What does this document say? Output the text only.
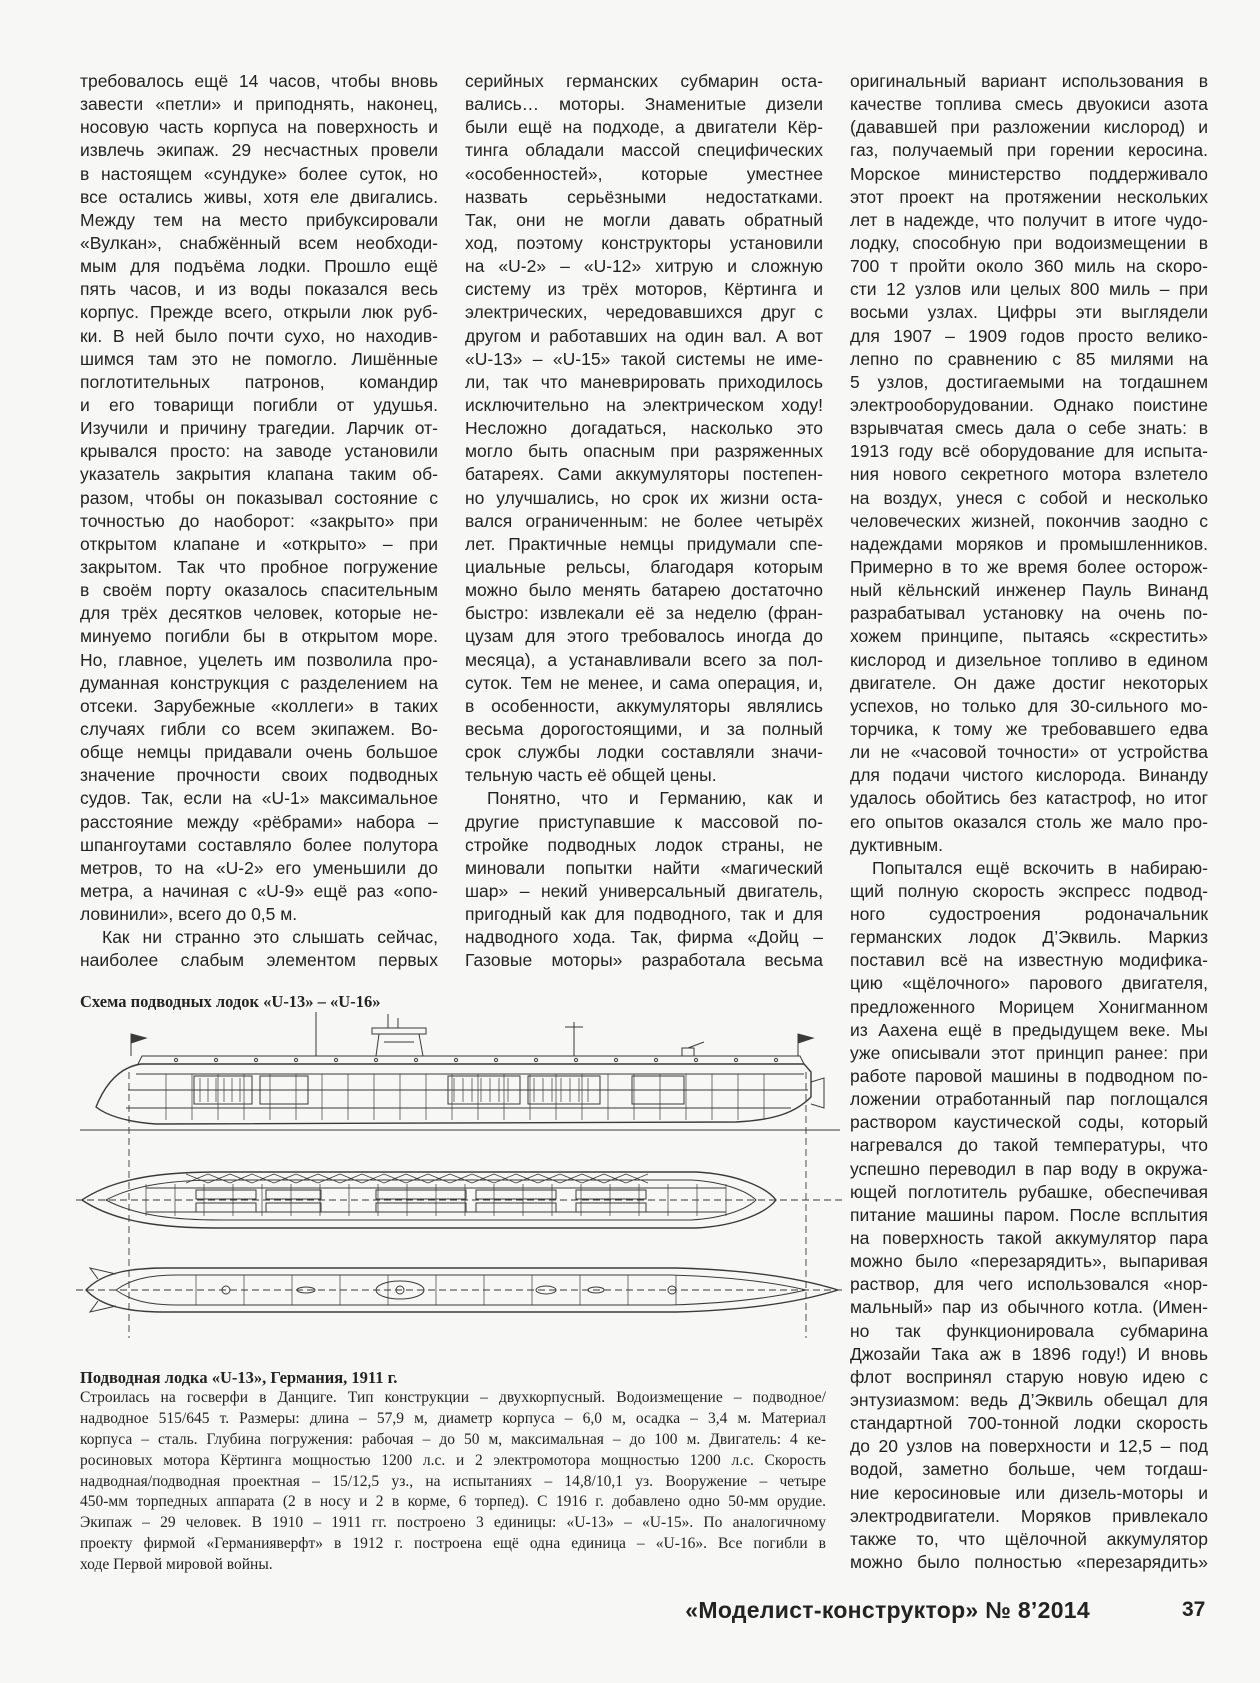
требовалось ещё 14 часов, чтобы вновь
завести «петли» и приподнять, наконец,
носовую часть корпуса на поверхность и
извлечь экипаж. 29 несчастных провели
в настоящем «сундуке» более суток, но
все остались живы, хотя еле двигались.
Между тем на место прибуксировали
«Вулкан», снабжённый всем необходи-
мым для подъёма лодки. Прошло ещё
пять часов, и из воды показался весь
корпус. Прежде всего, открыли люк руб-
ки. В ней было почти сухо, но находив-
шимся там это не помогло. Лишённые
поглотительных патронов, командир
и его товарищи погибли от удушья.
Изучили и причину трагедии. Ларчик от-
крывался просто: на заводе установили
указатель закрытия клапана таким об-
разом, чтобы он показывал состояние с
точностью до наоборот: «закрыто» при
открытом клапане и «открыто» – при
закрытом. Так что пробное погружение
в своём порту оказалось спасительным
для трёх десятков человек, которые не-
минуемо погибли бы в открытом море.
Но, главное, уцелеть им позволила про-
думанная конструкция с разделением на
отсеки. Зарубежные «коллеги» в таких
случаях гибли со всем экипажем. Во-
обще немцы придавали очень большое
значение прочности своих подводных
судов. Так, если на «U-1» максимальное
расстояние между «рёбрами» набора –
шпангоутами составляло более полутора
метров, то на «U-2» его уменьшили до
метра, а начиная с «U-9» ещё раз «опо-
ловинили», всего до 0,5 м.
Как ни странно это слышать сейчас,
наиболее слабым элементом первых
серийных германских субмарин оста-
вались… моторы. Знаменитые дизели
были ещё на подходе, а двигатели Кёр-
тинга обладали массой специфических
«особенностей», которые уместнее
назвать серьёзными недостатками.
Так, они не могли давать обратный
ход, поэтому конструкторы установили
на «U-2» – «U-12» хитрую и сложную
систему из трёх моторов, Кёртинга и
электрических, чередовавшихся друг с
другом и работавших на один вал. А вот
«U-13» – «U-15» такой системы не име-
ли, так что маневрировать приходилось
исключительно на электрическом ходу!
Несложно догадаться, насколько это
могло быть опасным при разряженных
батареях. Сами аккумуляторы постепен-
но улучшались, но срок их жизни оста-
вался ограниченным: не более четырёх
лет. Практичные немцы придумали спе-
циальные рельсы, благодаря которым
можно было менять батарею достаточно
быстро: извлекали её за неделю (фран-
цузам для этого требовалось иногда до
месяца), а устанавливали всего за пол-
суток. Тем не менее, и сама операция, и,
в особенности, аккумуляторы являлись
весьма дорогостоящими, и за полный
срок службы лодки составляли значи-
тельную часть её общей цены.
Понятно, что и Германию, как и
другие приступавшие к массовой по-
стройке подводных лодок страны, не
миновали попытки найти «магический
шар» – некий универсальный двигатель,
пригодный как для подводного, так и для
надводного хода. Так, фирма «Дойц –
Газовые моторы» разработала весьма
оригинальный вариант использования в
качестве топлива смесь двуокиси азота
(дававшей при разложении кислород) и
газ, получаемый при горении керосина.
Морское министерство поддерживало
этот проект на протяжении нескольких
лет в надежде, что получит в итоге чудо-
лодку, способную при водоизмещении в
700 т пройти около 360 миль на скоро-
сти 12 узлов или целых 800 миль – при
восьми узлах. Цифры эти выглядели
для 1907 – 1909 годов просто велико-
лепно по сравнению с 85 милями на
5 узлов, достигаемыми на тогдашнем
электрооборудовании. Однако поистине
взрывчатая смесь дала о себе знать: в
1913 году всё оборудование для испыта-
ния нового секретного мотора взлетело
на воздух, унеся с собой и несколько
человеческих жизней, покончив заодно с
надеждами моряков и промышленников.
Примерно в то же время более осторож-
ный кёльнский инженер Пауль Винанд
разрабатывал установку на очень по-
хожем принципе, пытаясь «скрестить»
кислород и дизельное топливо в едином
двигателе. Он даже достиг некоторых
успехов, но только для 30-сильного мо-
торчика, к тому же требовавшего едва
ли не «часовой точности» от устройства
для подачи чистого кислорода. Винанду
удалось обойтись без катастроф, но итог
его опытов оказался столь же мало про-
дуктивным.
Попытался ещё вскочить в набираю-
щий полную скорость экспресс подвод-
ного судостроения родоначальник
германских лодок Д’Эквиль. Маркиз
поставил всё на известную модифика-
цию «щёлочного» парового двигателя,
предложенного Морицем Хонигманном
из Аахена ещё в предыдущем веке. Мы
уже описывали этот принцип ранее: при
работе паровой машины в подводном по-
ложении отработанный пар поглощался
раствором каустической соды, который
нагревался до такой температуры, что
успешно переводил в пар воду в окружа-
ющей поглотитель рубашке, обеспечивая
питание машины паром. После всплытия
на поверхность такой аккумулятор пара
можно было «перезарядить», выпаривая
раствор, для чего использовался «нор-
мальный» пар из обычного котла. (Имен-
но так функционировала субмарина
Джозайи Така аж в 1896 году!) И вновь
флот воспринял старую новую идею с
энтузиазмом: ведь Д’Эквиль обещал для
стандартной 700-тонной лодки скорость
до 20 узлов на поверхности и 12,5 – под
водой, заметно больше, чем тогдаш-
ние керосиновые или дизель-моторы и
электродвигатели. Моряков привлекало
также то, что щёлочной аккумулятор
можно было полностью «перезарядить»
Схема подводных лодок «U-13» – «U-16»
Подводная лодка «U-13», Германия, 1911 г.
Строилась на госверфи в Данциге. Тип конструкции – двухкорпусный. Водоизмещение – подводное/
надводное 515/645 т. Размеры: длина – 57,9 м, диаметр корпуса – 6,0 м, осадка – 3,4 м. Материал
корпуса – сталь. Глубина погружения: рабочая – до 50 м, максимальная – до 100 м. Двигатель: 4 ке-
росиновых мотора Кёртинга мощностью 1200 л.с. и 2 электромотора мощностью 1200 л.с. Скорость
надводная/подводная проектная – 15/12,5 уз., на испытаниях – 14,8/10,1 уз. Вооружение – четыре
450-мм торпедных аппарата (2 в носу и 2 в корме, 6 торпед). С 1916 г. добавлено одно 50-мм орудие.
Экипаж – 29 человек. В 1910 – 1911 гг. построено 3 единицы: «U-13» – «U-15». По аналогичному
проекту фирмой «Германияверфт» в 1912 г. построена ещё одна единица – «U-16». Все погибли в
ходе Первой мировой войны.
«Моделист-конструктор» № 8’2014	37
